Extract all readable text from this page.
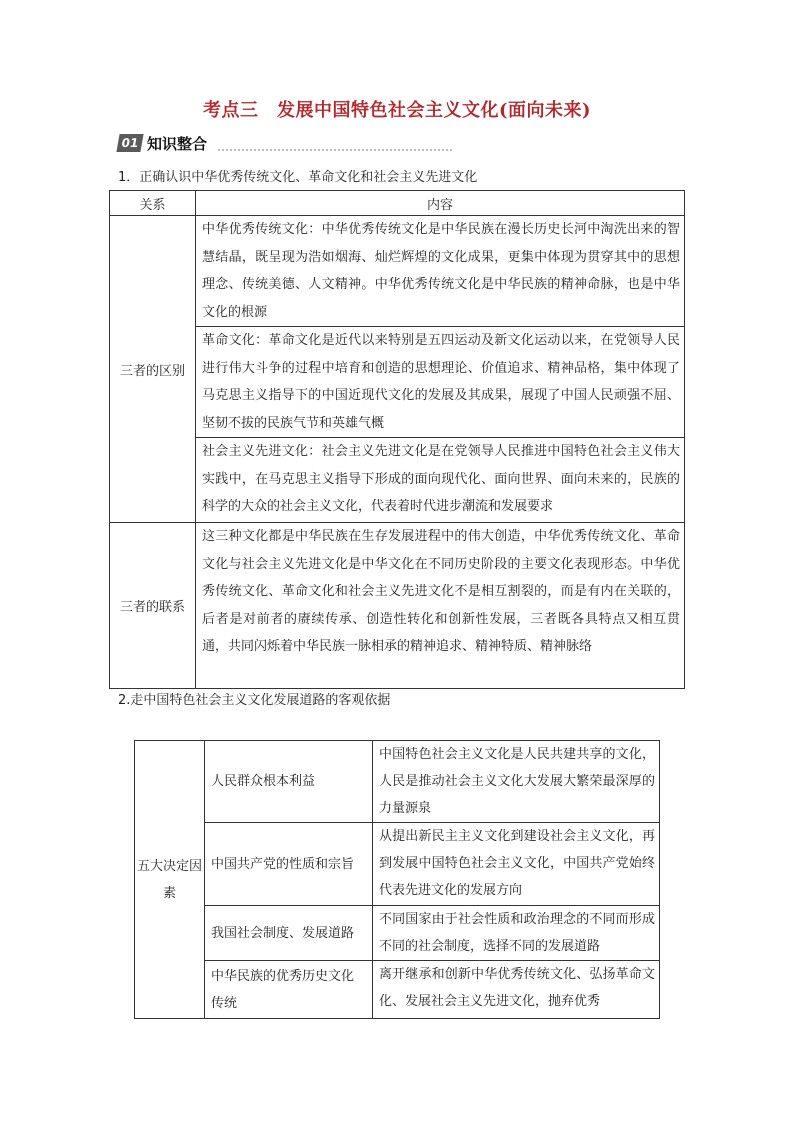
考点三　发展中国特色社会主义文化(面向未来)
01 知识整合
1．正确认识中华优秀传统文化、革命文化和社会主义先进文化
关系	内容
三者的区别	中华优秀传统文化：中华优秀传统文化是中华民族在漫长历史长河中淘洗出来的智慧结晶，既呈现为浩如烟海、灿烂辉煌的文化成果，更集中体现为贯穿其中的思想理念、传统美德、人文精神。中华优秀传统文化是中华民族的精神命脉，也是中华文化的根源
	革命文化：革命文化是近代以来特别是五四运动及新文化运动以来，在党领导人民进行伟大斗争的过程中培育和创造的思想理论、价值追求、精神品格，集中体现了马克思主义指导下的中国近现代文化的发展及其成果，展现了中国人民顽强不屈、坚韧不拔的民族气节和英雄气概
	社会主义先进文化：社会主义先进文化是在党领导人民推进中国特色社会主义伟大实践中，在马克思主义指导下形成的面向现代化、面向世界、面向未来的，民族的科学的大众的社会主义文化，代表着时代进步潮流和发展要求
三者的联系	这三种文化都是中华民族在生存发展进程中的伟大创造，中华优秀传统文化、革命文化与社会主义先进文化是中华文化在不同历史阶段的主要文化表现形态。中华优秀传统文化、革命文化和社会主义先进文化不是相互割裂的，而是有内在关联的，后者是对前者的赓续传承、创造性转化和创新性发展，三者既各具特点又相互贯通，共同闪烁着中华民族一脉相承的精神追求、精神特质、精神脉络
2.走中国特色社会主义文化发展道路的客观依据
五大决定因素	人民群众根本利益	中国特色社会主义文化是人民共建共享的文化，人民是推动社会主义文化大发展大繁荣最深厚的力量源泉
	中国共产党的性质和宗旨	从提出新民主主义文化到建设社会主义文化，再到发展中国特色社会主义文化，中国共产党始终代表先进文化的发展方向
	我国社会制度、发展道路	不同国家由于社会性质和政治理念的不同而形成不同的社会制度，选择不同的发展道路
	中华民族的优秀历史文化传统	离开继承和创新中华优秀传统文化、弘扬革命文化、发展社会主义先进文化，抛弃优秀
